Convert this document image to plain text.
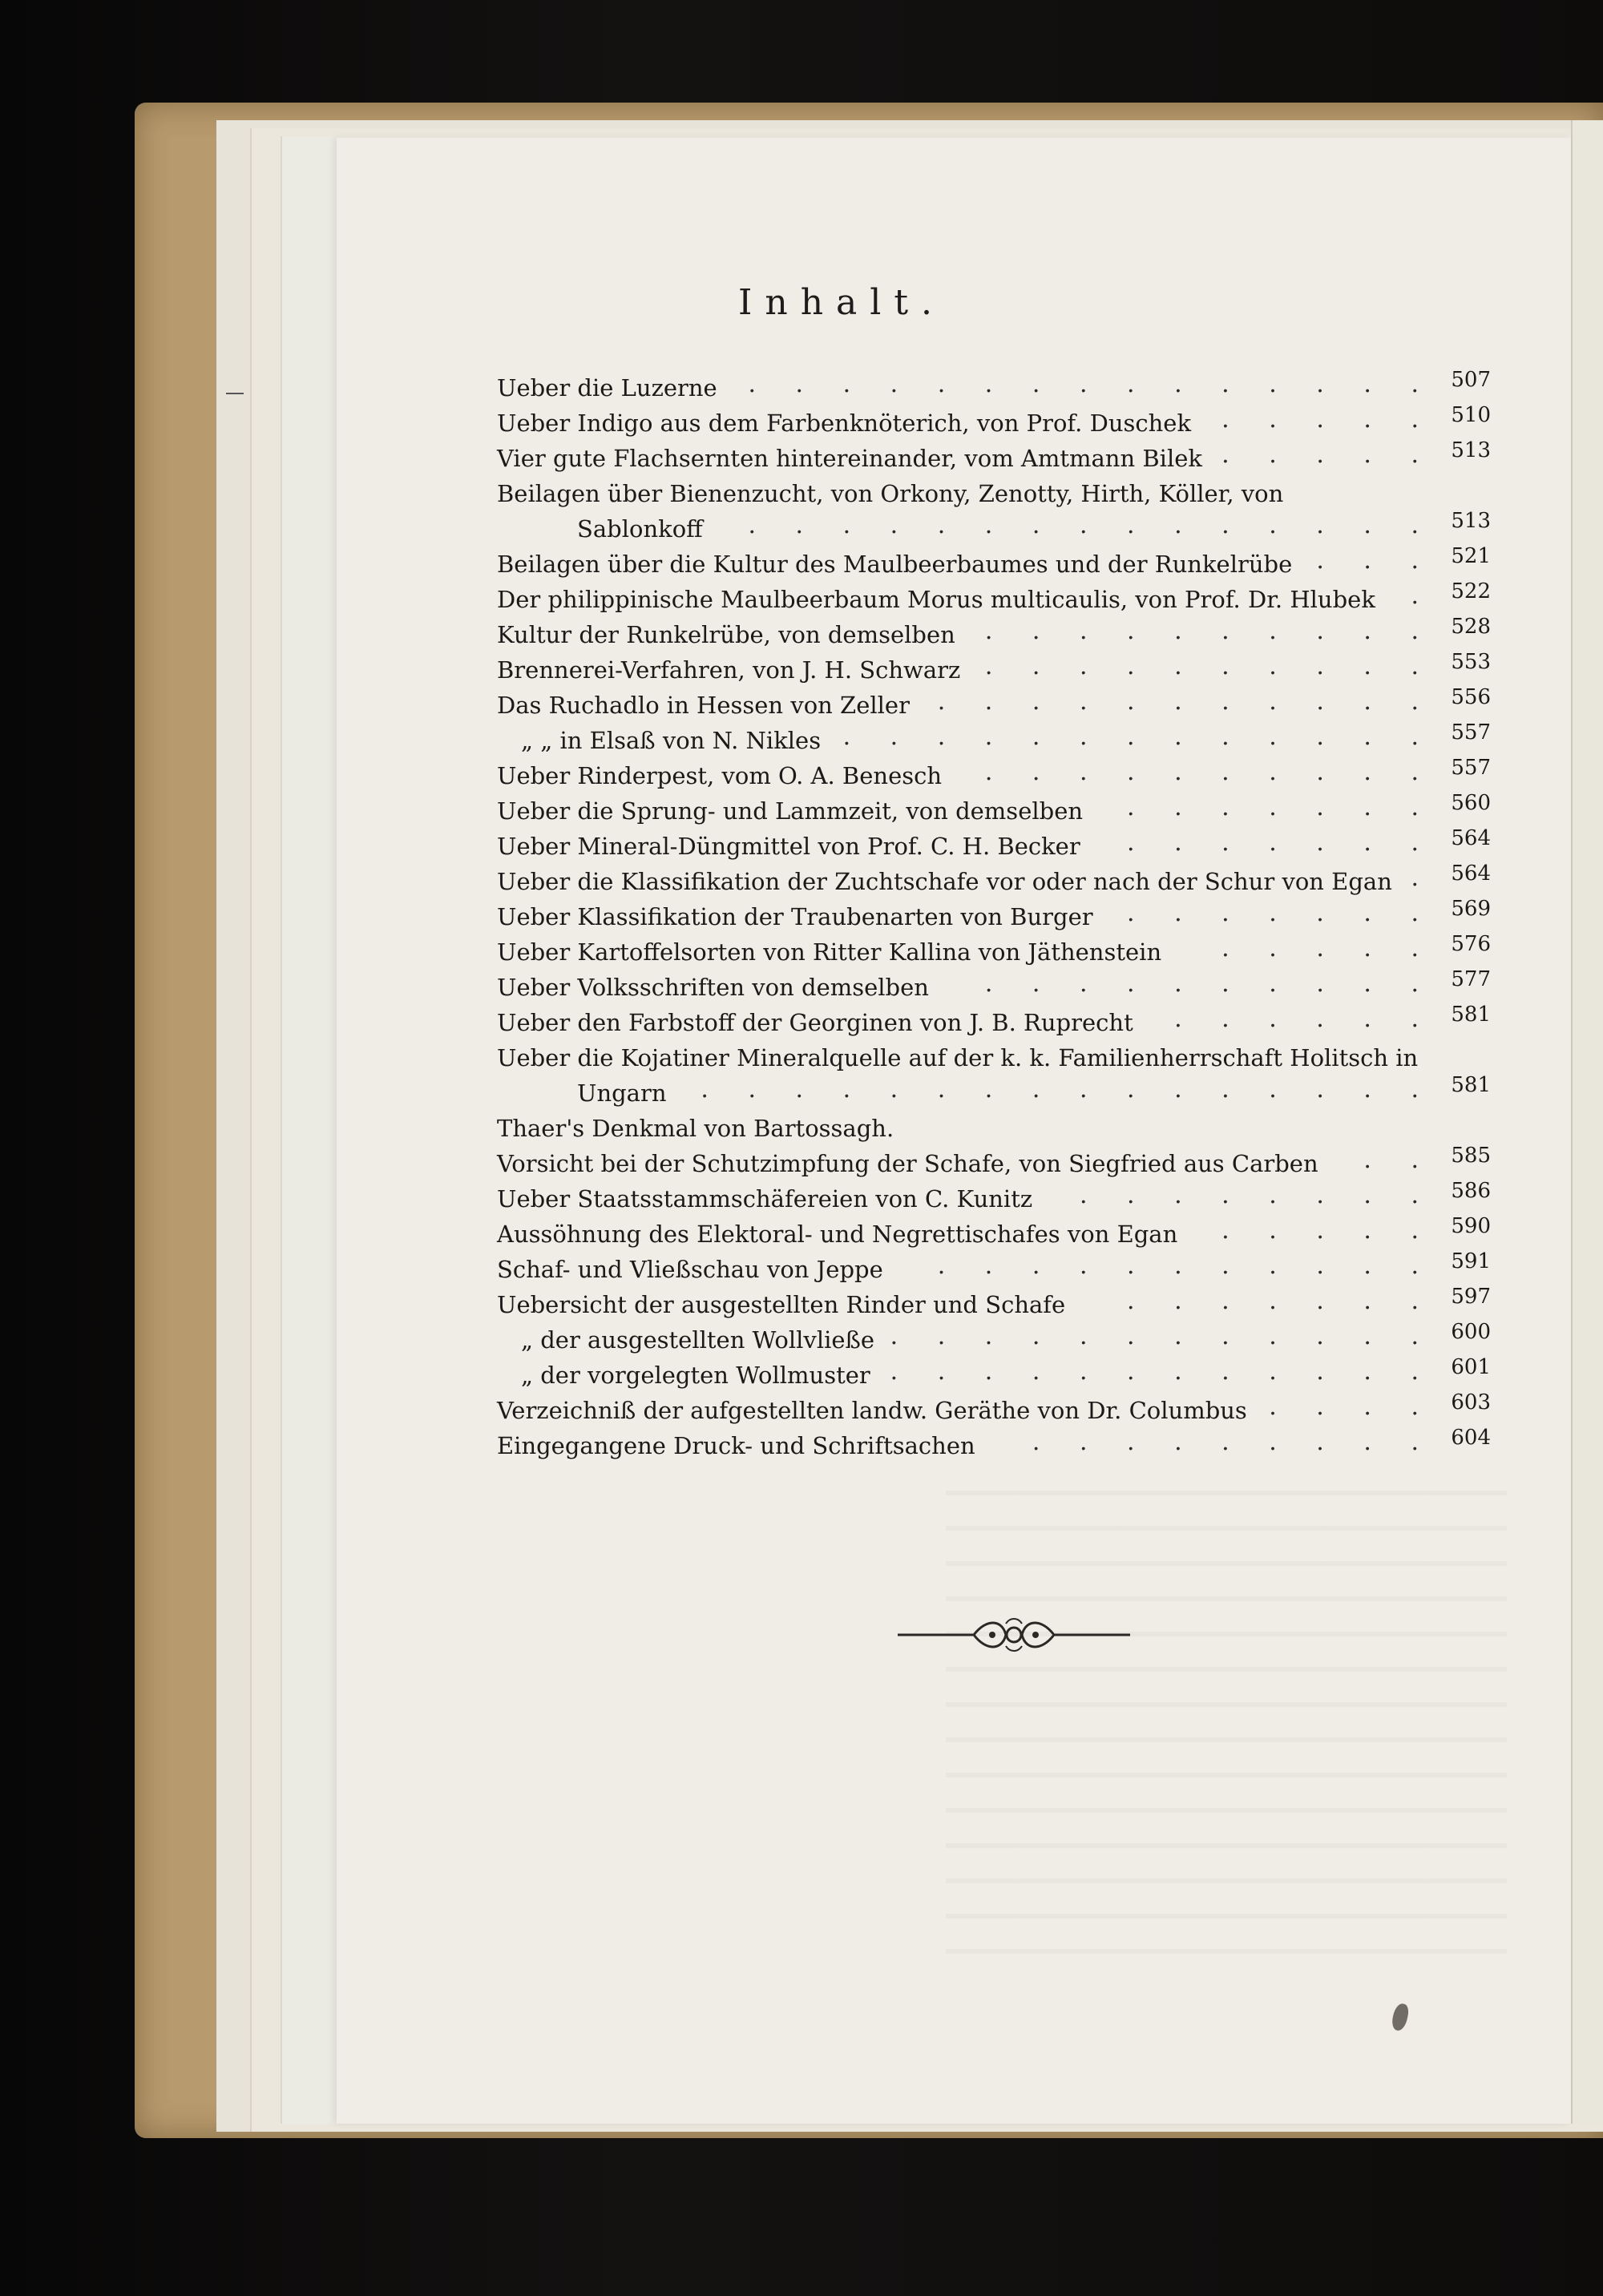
Inhalt.
Ueber die Luzerne . . . . . . . . . . . . . . . 507
Ueber Indigo aus dem Farbenknöterich, von Prof. Duschek . . . . . 510
Vier gute Flachsernten hintereinander, vom Amtmann Bilek . . . . . 513
Beilagen über Bienenzucht, von Orkony, Zenotty, Hirth, Köller, von
Sablonkoff . . . . . . . . . . . . . . . 513
Beilagen über die Kultur des Maulbeerbaumes und der Runkelrübe . . . 521
Der philippinische Maulbeerbaum Morus multicaulis, von Prof. Dr. Hlubek . 522
Kultur der Runkelrübe, von demselben . . . . . . . . . . 528
Brennerei-Verfahren, von J. H. Schwarz . . . . . . . . . . 553
Das Ruchadlo in Hessen von Zeller . . . . . . . . . . . 556
„ „ in Elsaß von N. Nikles . . . . . . . . . . . . . 557
Ueber Rinderpest, vom O. A. Benesch . . . . . . . . . . 557
Ueber die Sprung- und Lammzeit, von demselben . . . . . . . 560
Ueber Mineral-Düngmittel von Prof. C. H. Becker . . . . . . . 564
Ueber die Klassifikation der Zuchtschafe vor oder nach der Schur von Egan . 564
Ueber Klassifikation der Traubenarten von Burger . . . . . . . 569
Ueber Kartoffelsorten von Ritter Kallina von Jäthenstein	. . . . . 576
Ueber Volksschriften von demselben . . . . . . . . . . 577
Ueber den Farbstoff der Georginen von J. B. Ruprecht . . . . . . 581
Ueber die Kojatiner Mineralquelle auf der k. k. Familienherrschaft Holitsch in
Ungarn . . . . . . . . . . . . . . . . 581
Thaer's Denkmal von Bartossagh.
Vorsicht bei der Schutzimpfung der Schafe, von Siegfried aus Carben . . 585
Ueber Staatsstammschäfereien von C. Kunitz . . . . . . . . 586
Aussöhnung des Elektoral- und Negrettischafes von Egan . . . . . 590
Schaf- und Vließschau von Jeppe . . . . . . . . . . . 591
Uebersicht der ausgestellten Rinder und Schafe	. . . . . . . 597
„ der ausgestellten Wollvließe . . . . . . . . . . . . 600
„ der vorgelegten Wollmuster . . . . . . . . . . . . 601
Verzeichniß der aufgestellten landw. Geräthe von Dr. Columbus . . . . 603
Eingegangene Druck- und Schriftsachen . . . . . . . . . 604
